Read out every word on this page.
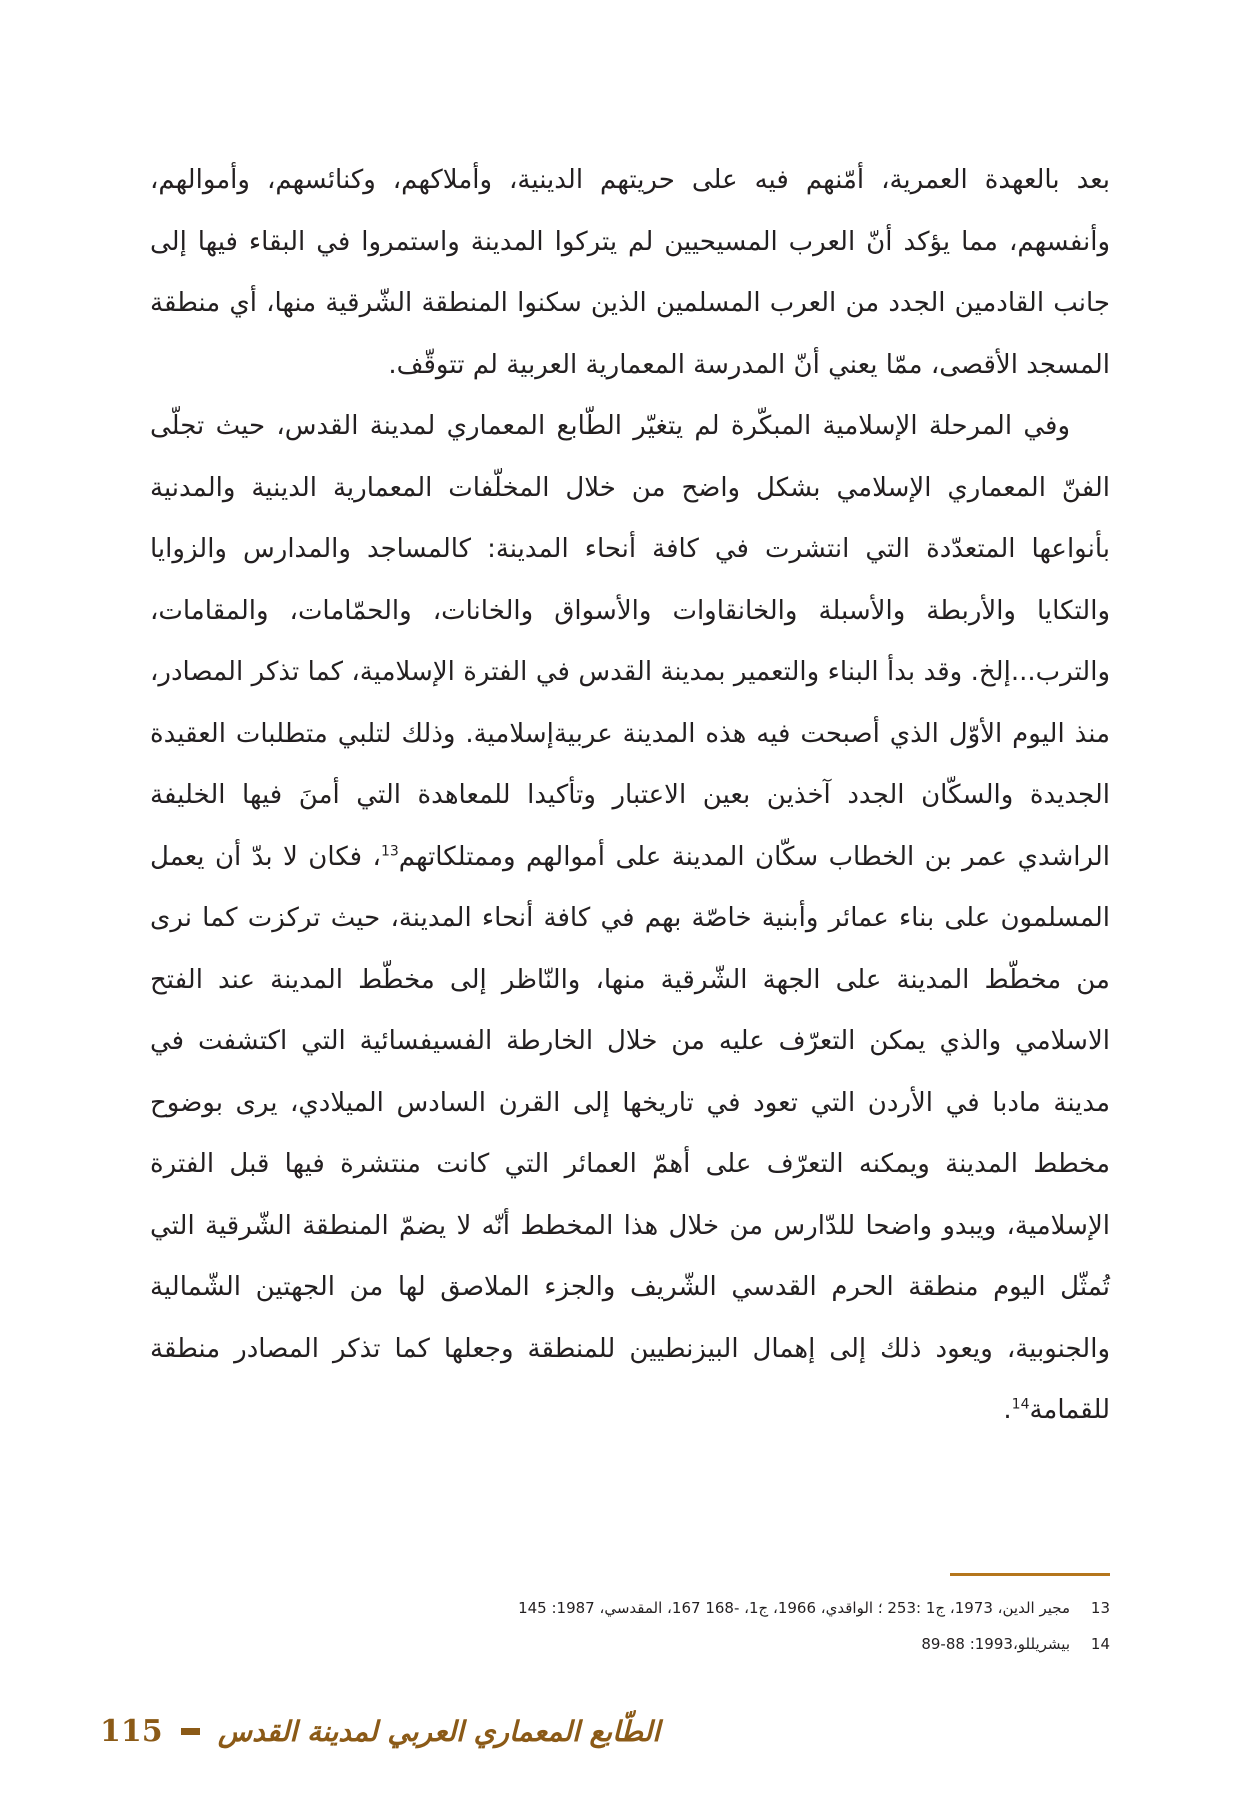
بعد بالعهدة العمرية، أمّنهم فيه على حريتهم الدينية، وأملاكهم، وكنائسهم، وأموالهم، وأنفسهم، مما يؤكد أنّ العرب المسيحيين لم يتركوا المدينة واستمروا في البقاء فيها إلى جانب القادمين الجدد من العرب المسلمين الذين سكنوا المنطقة الشّرقية منها، أي منطقة المسجد الأقصى، ممّا يعني أنّ المدرسة المعمارية العربية لم تتوقّف.

وفي المرحلة الإسلامية المبكّرة لم يتغيّر الطّابع المعماري لمدينة القدس، حيث تجلّى الفنّ المعماري الإسلامي بشكل واضح من خلال المخلّفات المعمارية الدينية والمدنية بأنواعها المتعدّدة التي انتشرت في كافة أنحاء المدينة: كالمساجد والمدارس والزوايا والتكايا والأربطة والأسبلة والخانقاوات والأسواق والخانات، والحمّامات، والمقامات، والترب...إلخ. وقد بدأ البناء والتعمير بمدينة القدس في الفترة الإسلامية، كما تذكر المصادر، منذ اليوم الأوّل الذي أصبحت فيه هذه المدينة عربيةإسلامية. وذلك لتلبي متطلبات العقيدة الجديدة والسكّان الجدد آخذين بعين الاعتبار وتأكيدا للمعاهدة التي أمنَ فيها الخليفة الراشدي عمر بن الخطاب سكّان المدينة على أموالهم وممتلكاتهم$^{13}$، فكان لا بدّ أن يعمل المسلمون على بناء عمائر وأبنية خاصّة بهم في كافة أنحاء المدينة، حيث تركزت كما نرى من مخطّط المدينة على الجهة الشّرقية منها، والنّاظر إلى مخطّط المدينة عند الفتح الاسلامي والذي يمكن التعرّف عليه من خلال الخارطة الفسيفسائية التي اكتشفت في مدينة مادبا في الأردن التي تعود في تاريخها إلى القرن السادس الميلادي، يرى بوضوح مخطط المدينة ويمكنه التعرّف على أهمّ العمائر التي كانت منتشرة فيها قبل الفترة الإسلامية، ويبدو واضحا للدّارس من خلال هذا المخطط أنّه لا يضمّ المنطقة الشّرقية التي تُمثّل اليوم منطقة الحرم القدسي الشّريف والجزء الملاصق لها من الجهتين الشّمالية والجنوبية، ويعود ذلك إلى إهمال البيزنطيين للمنطقة وجعلها كما تذكر المصادر منطقة للقمامة$^{14}$.

13
مجير الدين، 1973، ج1 :253 ؛ الواقدي، 1966، ج1، -168 167، المقدسي، 1987: 145
14
بيشريللو،1993: 88-89
115 الطّابع المعماري العربي لمدينة القدس
